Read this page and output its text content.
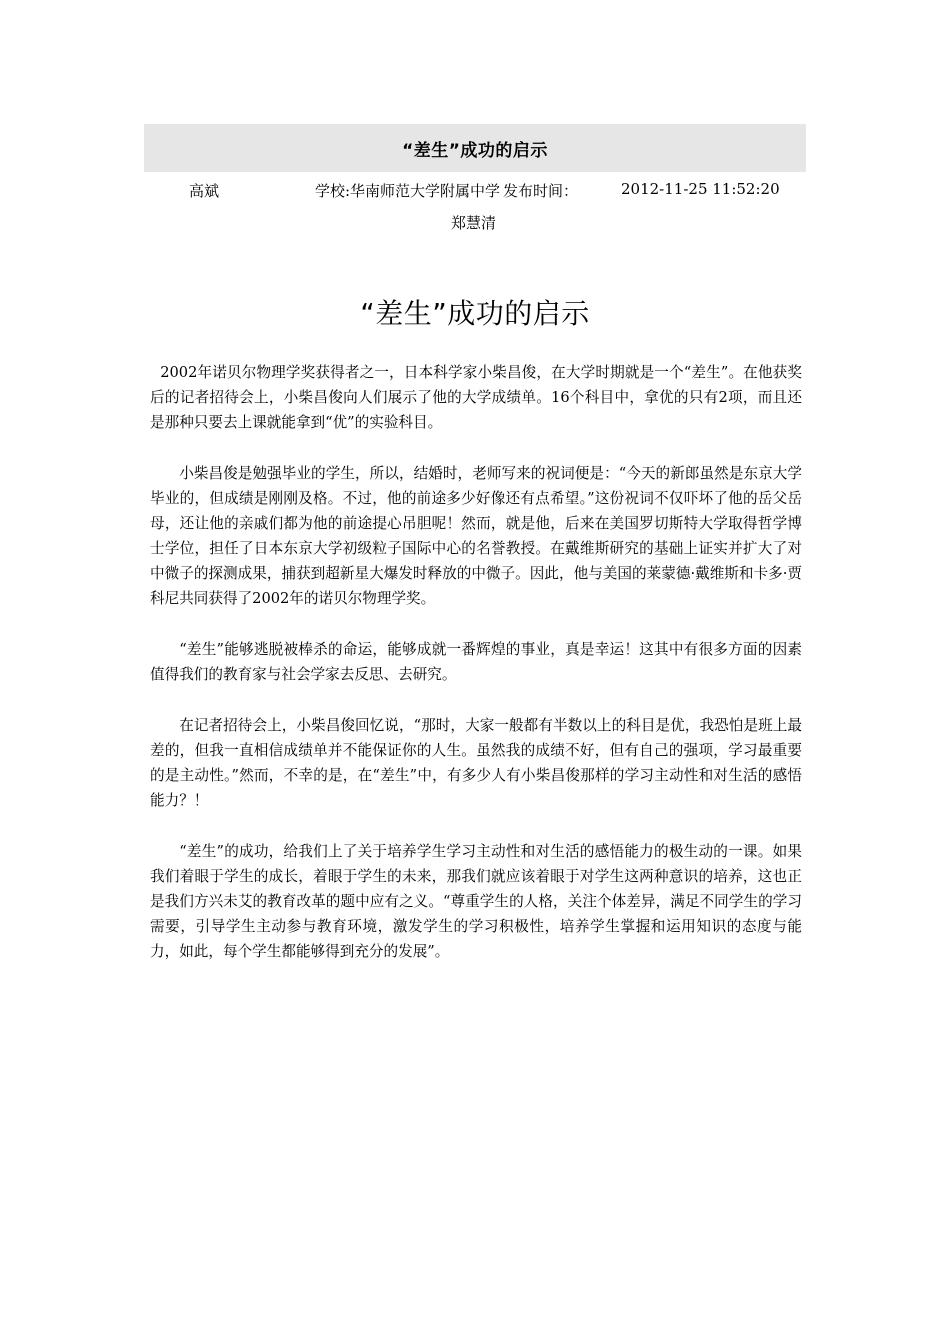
“差生”成功的启示
高斌	学校:华南师范大学附属中学 发布时间：	2012-11-25 11:52:20
郑慧清
“差生”成功的启示

2002年诺贝尔物理学奖获得者之一，日本科学家小柴昌俊，在大学时期就是一个“差生”。在他获奖后的记者招待会上，小柴昌俊向人们展示了他的大学成绩单。16个科目中，拿优的只有2项，而且还是那种只要去上课就能拿到“优”的实验科目。

小柴昌俊是勉强毕业的学生，所以，结婚时，老师写来的祝词便是：“今天的新郎虽然是东京大学毕业的，但成绩是刚刚及格。不过，他的前途多少好像还有点希望。”这份祝词不仅吓坏了他的岳父岳母，还让他的亲戚们都为他的前途提心吊胆呢！然而，就是他，后来在美国罗切斯特大学取得哲学博士学位，担任了日本东京大学初级粒子国际中心的名誉教授。在戴维斯研究的基础上证实并扩大了对中微子的探测成果，捕获到超新星大爆发时释放的中微子。因此，他与美国的莱蒙德·戴维斯和卡多·贾科尼共同获得了2002年的诺贝尔物理学奖。

“差生”能够逃脱被棒杀的命运，能够成就一番辉煌的事业，真是幸运！这其中有很多方面的因素值得我们的教育家与社会学家去反思、去研究。

在记者招待会上，小柴昌俊回忆说，“那时，大家一般都有半数以上的科目是优，我恐怕是班上最差的，但我一直相信成绩单并不能保证你的人生。虽然我的成绩不好，但有自己的强项，学习最重要的是主动性。”然而，不幸的是，在“差生”中，有多少人有小柴昌俊那样的学习主动性和对生活的感悟能力？！

“差生”的成功，给我们上了关于培养学生学习主动性和对生活的感悟能力的极生动的一课。如果我们着眼于学生的成长，着眼于学生的未来，那我们就应该着眼于对学生这两种意识的培养，这也正是我们方兴未艾的教育改革的题中应有之义。“尊重学生的人格，关注个体差异，满足不同学生的学习需要，引导学生主动参与教育环境，激发学生的学习积极性，培养学生掌握和运用知识的态度与能力，如此，每个学生都能够得到充分的发展”。
